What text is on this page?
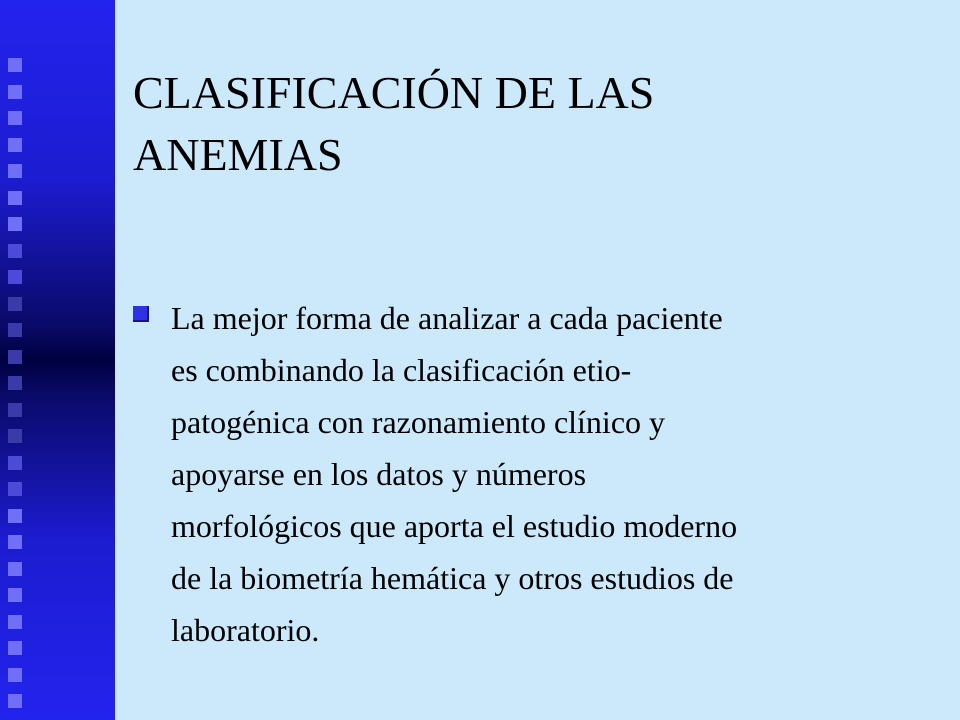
CLASIFICACIÓN DE LAS
ANEMIAS
La mejor forma de analizar a cada paciente
es combinando la clasificación etio-
patogénica con razonamiento clínico y
apoyarse en los datos y números
morfológicos que aporta el estudio moderno
de la biometría hemática y otros estudios de
laboratorio.
